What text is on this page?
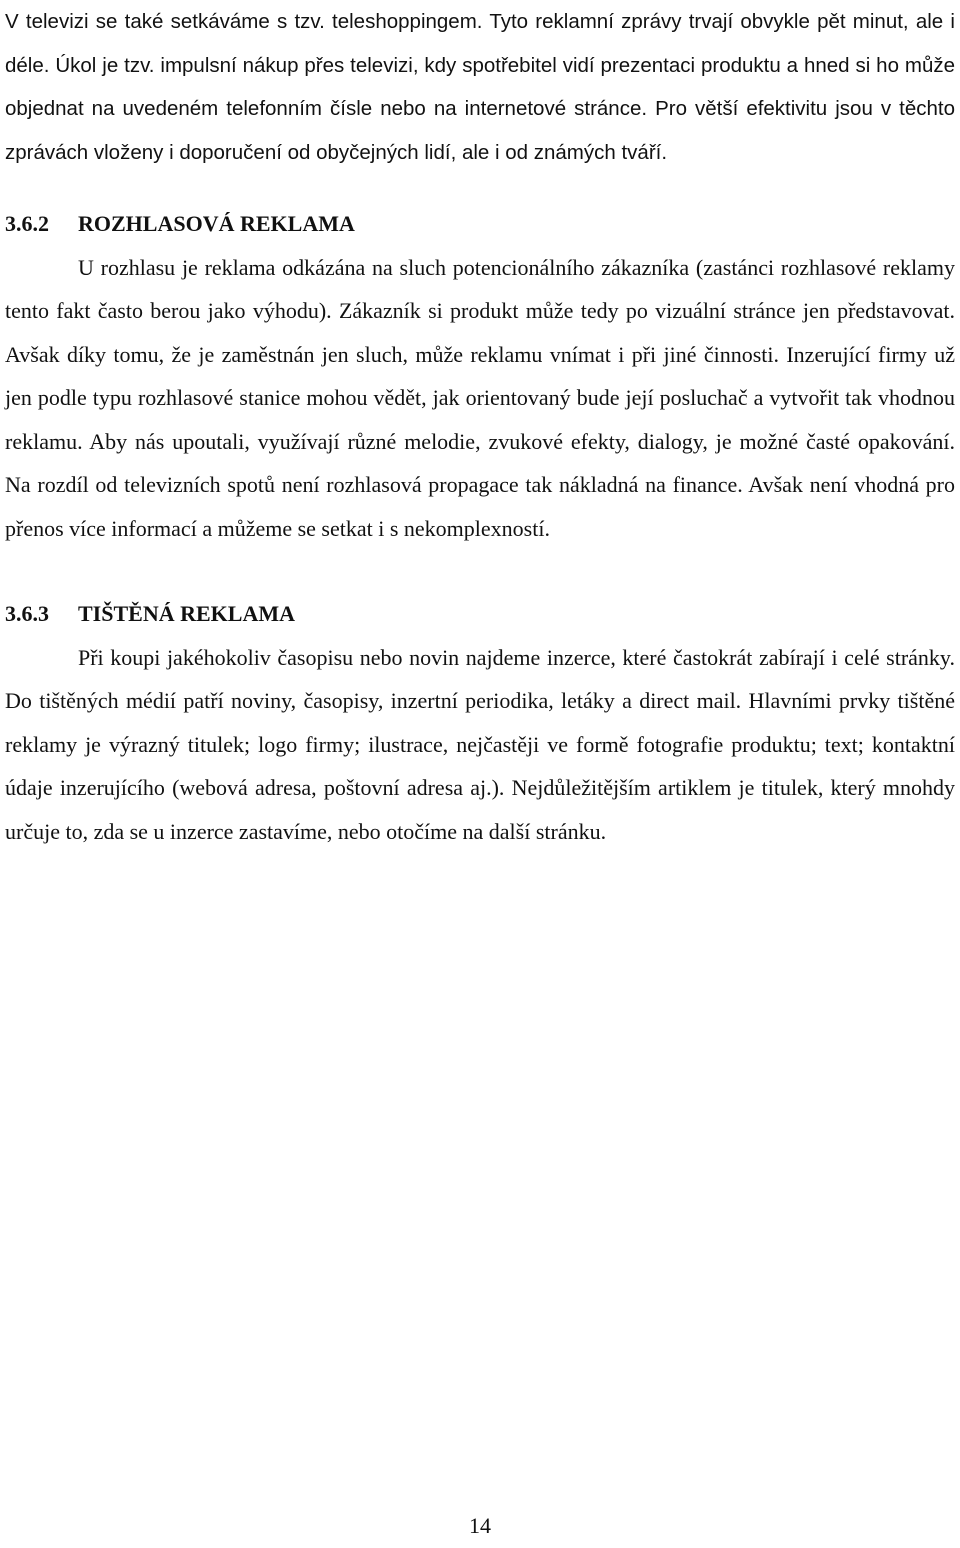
V televizi se také setkáváme s tzv. teleshoppingem. Tyto reklamní zprávy trvají obvykle pět minut, ale i déle. Úkol je tzv. impulsní nákup přes televizi, kdy spotřebitel vidí prezentaci produktu a hned si ho může objednat na uvedeném telefonním čísle nebo na internetové stránce. Pro větší efektivitu jsou v těchto zprávách vloženy i doporučení od obyčejných lidí, ale i od známých tváří.

3.6.2	ROZHLASOVÁ REKLAMA

U rozhlasu je reklama odkázána na sluch potencionálního zákazníka (zastánci rozhlasové reklamy tento fakt často berou jako výhodu). Zákazník si produkt může tedy po vizuální stránce jen představovat. Avšak díky tomu, že je zaměstnán jen sluch, může reklamu vnímat i při jiné činnosti. Inzerující firmy už jen podle typu rozhlasové stanice mohou vědět, jak orientovaný bude její posluchač a vytvořit tak vhodnou reklamu. Aby nás upoutali, využívají různé melodie, zvukové efekty, dialogy, je možné časté opakování. Na rozdíl od televizních spotů není rozhlasová propagace tak nákladná na finance. Avšak není vhodná pro přenos více informací a můžeme se setkat i s nekomplexností.

3.6.3	TIŠTĚNÁ REKLAMA

Při koupi jakéhokoliv časopisu nebo novin najdeme inzerce, které častokrát zabírají i celé stránky. Do tištěných médií patří noviny, časopisy, inzertní periodika, letáky a direct mail. Hlavními prvky tištěné reklamy je výrazný titulek; logo firmy; ilustrace, nejčastěji ve formě fotografie produktu; text; kontaktní údaje inzerujícího (webová adresa, poštovní adresa aj.). Nejdůležitějším artiklem je titulek, který mnohdy určuje to, zda se u inzerce zastavíme, nebo otočíme na další stránku.

14
